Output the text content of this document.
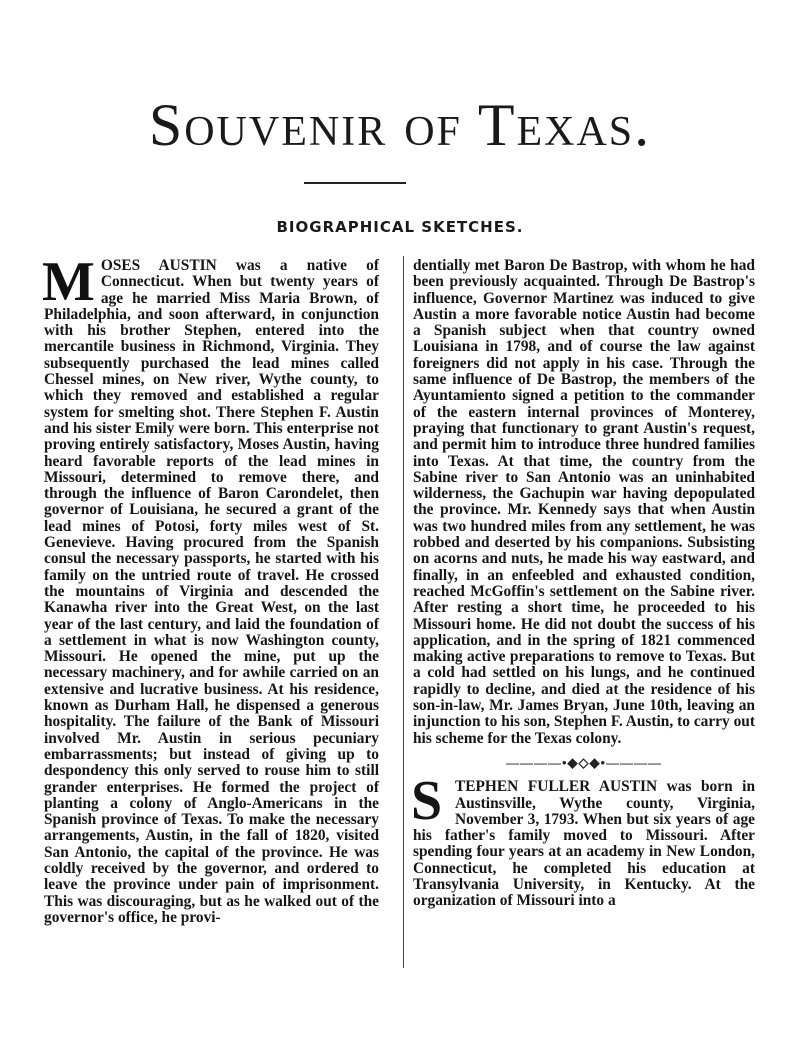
Souvenir of Texas.
BIOGRAPHICAL SKETCHES.

MOSES AUSTIN was a native of Connecticut. When but twenty years of age he married Miss Maria Brown, of Philadelphia, and soon afterward, in conjunction with his brother Stephen, entered into the mercantile business in Richmond, Virginia. They subsequently purchased the lead mines called Chessel mines, on New river, Wythe county, to which they removed and established a regular system for smelting shot. There Stephen F. Austin and his sister Emily were born. This enterprise not proving entirely satisfactory, Moses Austin, having heard favorable reports of the lead mines in Missouri, determined to remove there, and through the influence of Baron Carondelet, then governor of Louisiana, he secured a grant of the lead mines of Potosi, forty miles west of St. Genevieve. Having procured from the Spanish consul the necessary passports, he started with his family on the untried route of travel. He crossed the mountains of Virginia and descended the Kanawha river into the Great West, on the last year of the last century, and laid the foundation of a settlement in what is now Washington county, Missouri. He opened the mine, put up the necessary machinery, and for awhile carried on an extensive and lucrative business. At his residence, known as Durham Hall, he dispensed a generous hospitality. The failure of the Bank of Missouri involved Mr. Austin in serious pecuniary embarrassments; but instead of giving up to despondency this only served to rouse him to still grander enterprises. He formed the project of planting a colony of Anglo-Americans in the Spanish province of Texas. To make the necessary arrangements, Austin, in the fall of 1820, visited San Antonio, the capital of the province. He was coldly received by the governor, and ordered to leave the province under pain of imprisonment. This was discouraging, but as he walked out of the governor's office, he provi-

dentially met Baron De Bastrop, with whom he had been previously acquainted. Through De Bastrop's influence, Governor Martinez was induced to give Austin a more favorable notice Austin had become a Spanish subject when that country owned Louisiana in 1798, and of course the law against foreigners did not apply in his case. Through the same influence of De Bastrop, the members of the Ayuntamiento signed a petition to the commander of the eastern internal provinces of Monterey, praying that functionary to grant Austin's request, and permit him to introduce three hundred families into Texas. At that time, the country from the Sabine river to San Antonio was an uninhabited wilderness, the Gachupin war having depopulated the province. Mr. Kennedy says that when Austin was two hundred miles from any settlement, he was robbed and deserted by his companions. Subsisting on acorns and nuts, he made his way eastward, and finally, in an enfeebled and exhausted condition, reached McGoffin's settlement on the Sabine river. After resting a short time, he proceeded to his Missouri home. He did not doubt the success of his application, and in the spring of 1821 commenced making active preparations to remove to Texas. But a cold had settled on his lungs, and he continued rapidly to decline, and died at the residence of his son-in-law, Mr. James Bryan, June 10th, leaving an injunction to his son, Stephen F. Austin, to carry out his scheme for the Texas colony.

————•◆◇◆•————

S TEPHEN FULLER AUSTIN was born in Austinsville, Wythe county, Virginia, November 3, 1793. When but six years of age his father's family moved to Missouri. After spending four years at an academy in New London, Connecticut, he completed his education at Transylvania University, in Kentucky. At the organization of Missouri into a
